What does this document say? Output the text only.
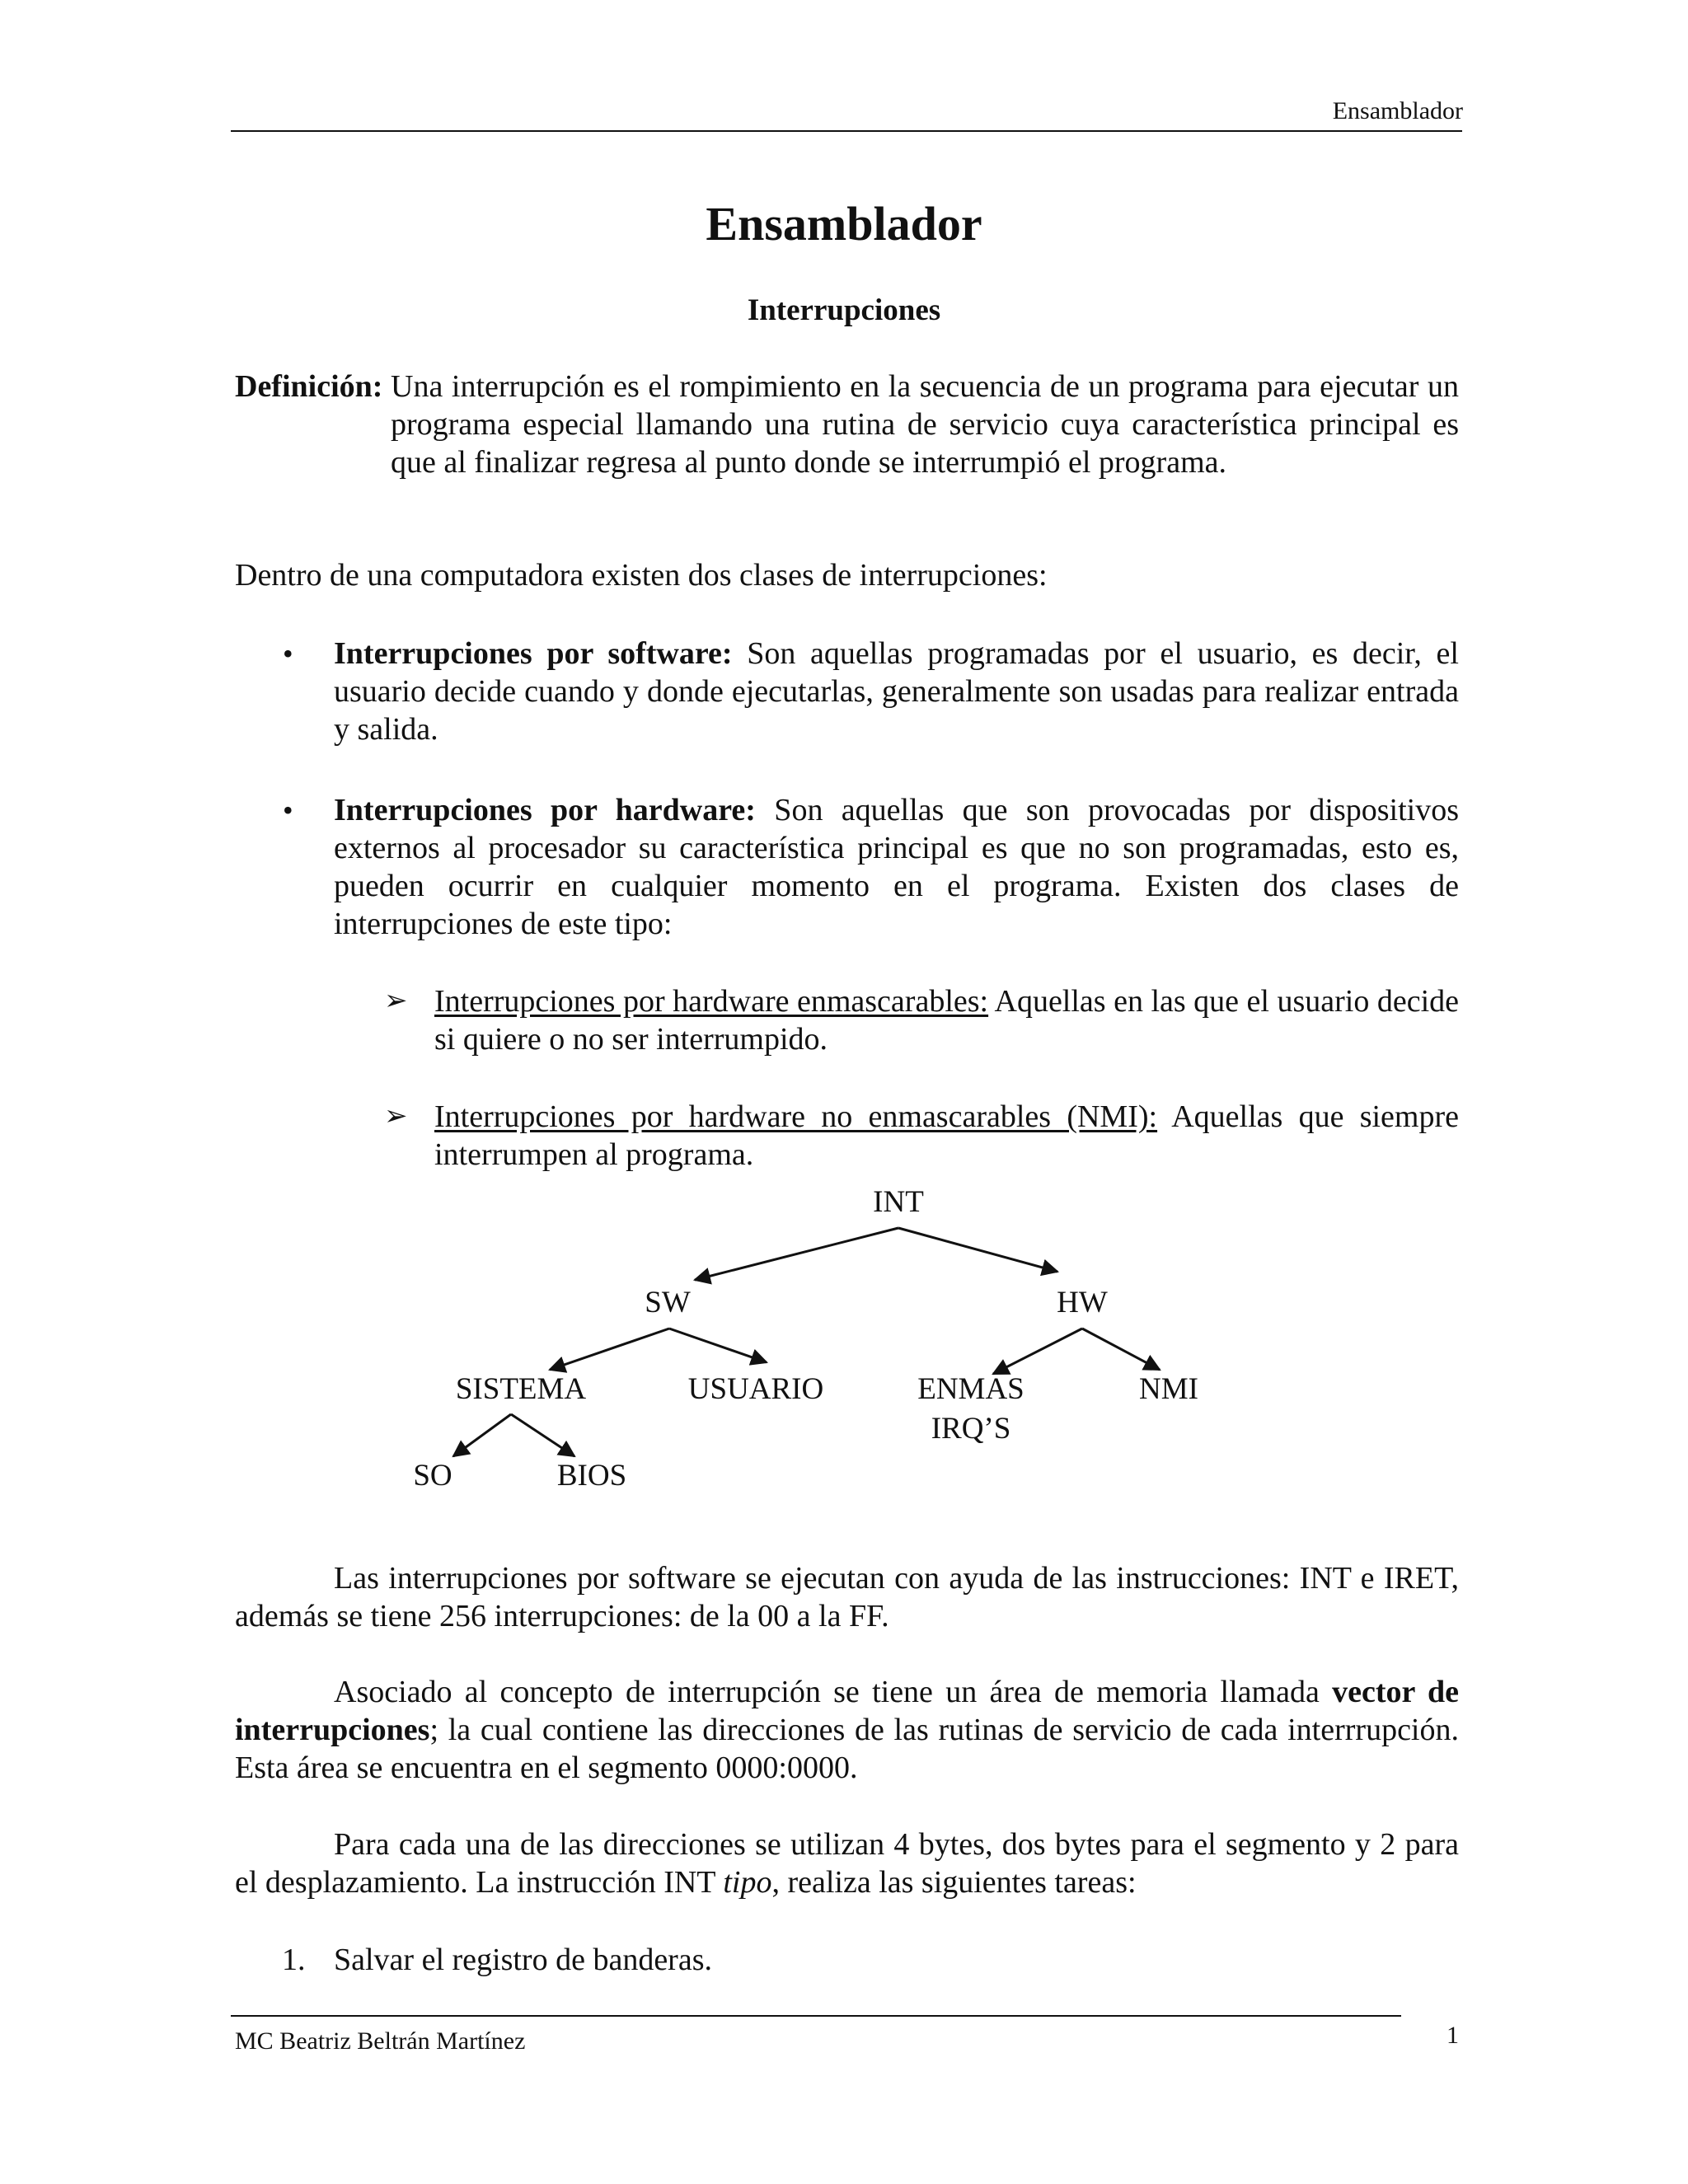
Ensamblador
Ensamblador
Interrupciones
Definición: Una interrupción es el rompimiento en la secuencia de un programa para ejecutar un programa especial llamando una rutina de servicio cuya característica principal es que al finalizar regresa al punto donde se interrumpió el programa.
Dentro de una computadora existen dos clases de interrupciones:
• Interrupciones por software: Son aquellas programadas por el usuario, es decir, el usuario decide cuando y donde ejecutarlas, generalmente son usadas para realizar entrada y salida.
• Interrupciones por hardware: Son aquellas que son provocadas por dispositivos externos al procesador su característica principal es que no son programadas, esto es, pueden ocurrir en cualquier momento en el programa. Existen dos clases de interrupciones de este tipo:
➢ Interrupciones por hardware enmascarables: Aquellas en las que el usuario decide si quiere o no ser interrumpido.
➢ Interrupciones por hardware no enmascarables (NMI): Aquellas que siempre interrumpen al programa.
INT
SW	HW
SISTEMA	USUARIO	ENMAS
IRQ’S
NMI
SO	BIOS
Las interrupciones por software se ejecutan con ayuda de las instrucciones: INT e IRET, además se tiene 256 interrupciones: de la 00 a la FF.
Asociado al concepto de interrupción se tiene un área de memoria llamada vector de interrupciones; la cual contiene las direcciones de las rutinas de servicio de cada interrrupción. Esta área se encuentra en el segmento 0000:0000.
Para cada una de las direcciones se utilizan 4 bytes, dos bytes para el segmento y 2 para el desplazamiento. La instrucción INT tipo, realiza las siguientes tareas:
1. Salvar el registro de banderas.
MC Beatriz Beltrán Martínez	1
